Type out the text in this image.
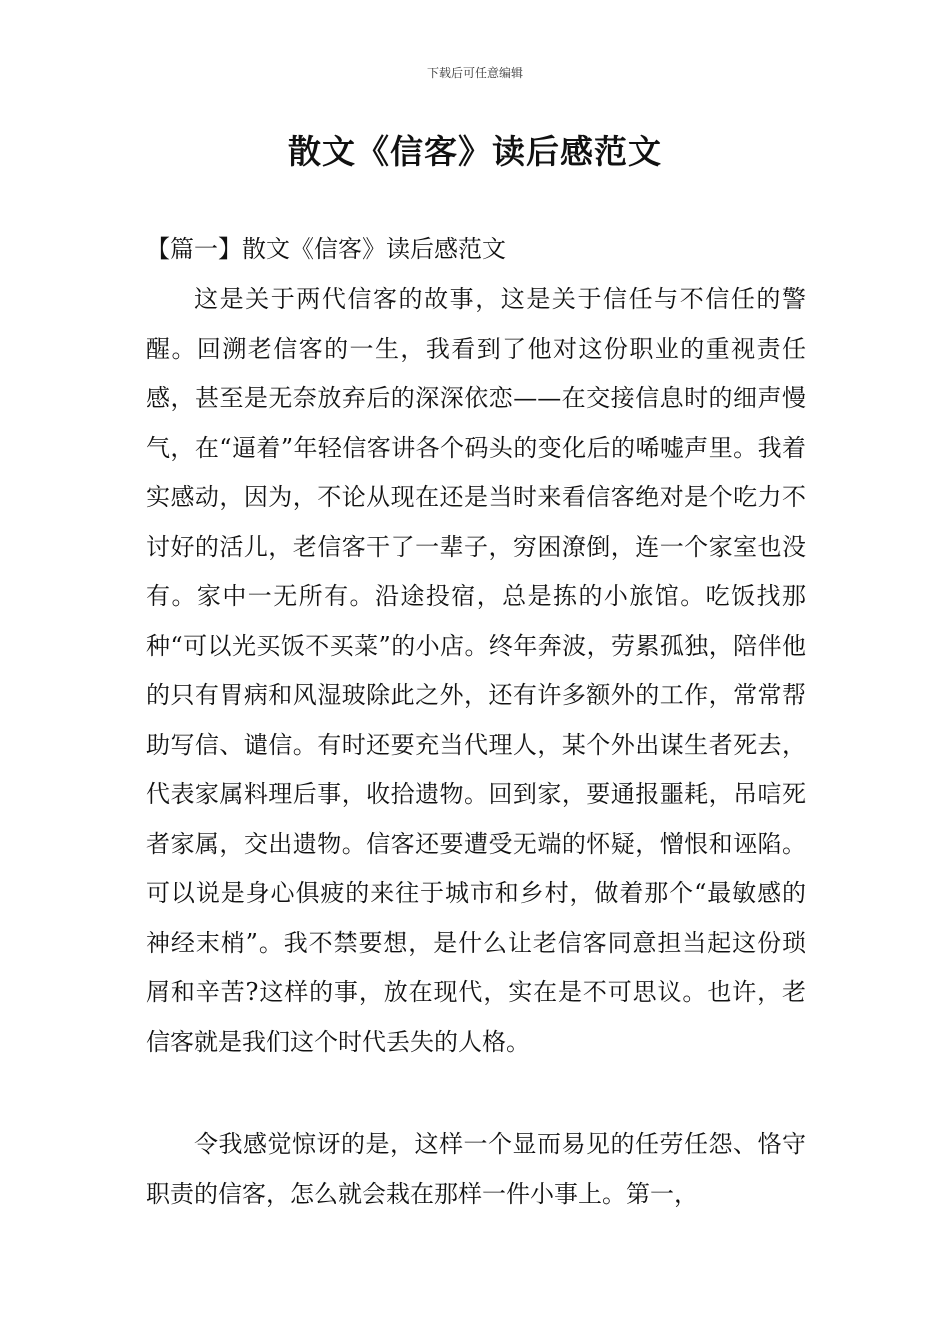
下载后可任意编辑
散文《信客》读后感范文
【篇一】散文《信客》读后感范文

这是关于两代信客的故事，这是关于信任与不信任的警醒。回溯老信客的一生，我看到了他对这份职业的重视责任感，甚至是无奈放弃后的深深依恋——在交接信息时的细声慢气，在“逼着”年轻信客讲各个码头的变化后的唏嘘声里。我着实感动，因为，不论从现在还是当时来看信客绝对是个吃力不讨好的活儿，老信客干了一辈子，穷困潦倒，连一个家室也没有。家中一无所有。沿途投宿，总是拣的小旅馆。吃饭找那种“可以光买饭不买菜”的小店。终年奔波，劳累孤独，陪伴他的只有胃病和风湿玻除此之外，还有许多额外的工作，常常帮助写信、谴信。有时还要充当代理人，某个外出谋生者死去，代表家属料理后事，收拾遗物。回到家，要通报噩耗，吊唁死者家属，交出遗物。信客还要遭受无端的怀疑，憎恨和诬陷。可以说是身心俱疲的来往于城市和乡村，做着那个“最敏感的神经末梢”。我不禁要想，是什么让老信客同意担当起这份琐屑和辛苦?这样的事，放在现代，实在是不可思议。也许，老信客就是我们这个时代丢失的人格。

令我感觉惊讶的是，这样一个显而易见的任劳任怨、恪守职责的信客，怎么就会栽在那样一件小事上。第一，
